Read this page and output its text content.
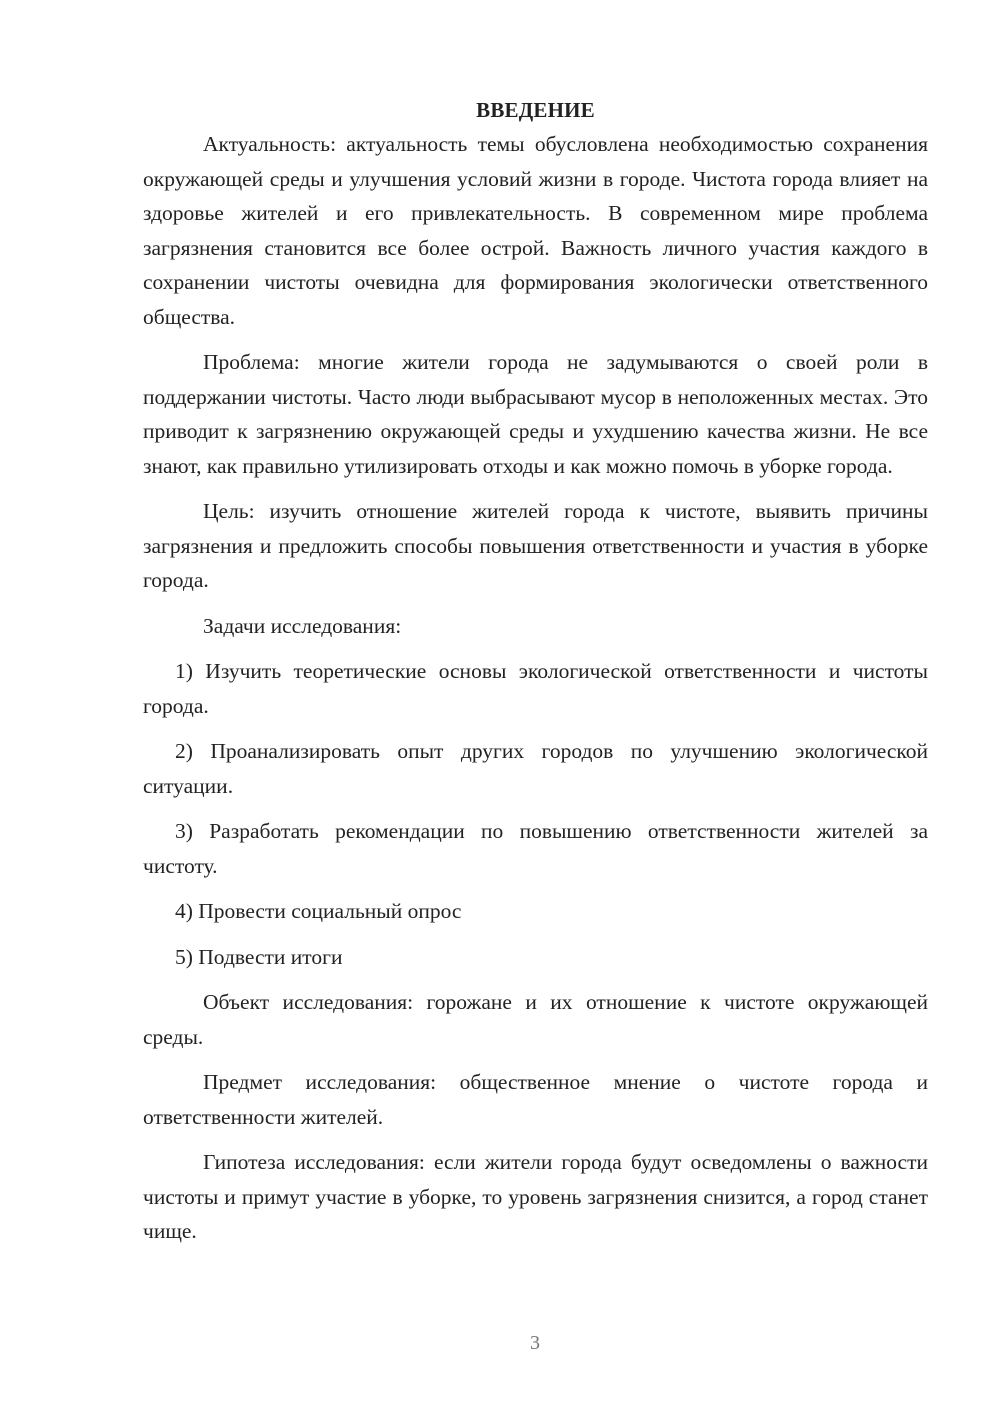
ВВЕДЕНИЕ

Актуальность: актуальность темы обусловлена необходимостью сохранения окружающей среды и улучшения условий жизни в городе. Чистота города влияет на здоровье жителей и его привлекательность. В современном мире проблема загрязнения становится все более острой. Важность личного участия каждого в сохранении чистоты очевидна для формирования экологически ответственного общества.

Проблема: многие жители города не задумываются о своей роли в поддержании чистоты. Часто люди выбрасывают мусор в неположенных местах. Это приводит к загрязнению окружающей среды и ухудшению качества жизни. Не все знают, как правильно утилизировать отходы и как можно помочь в уборке города.

Цель: изучить отношение жителей города к чистоте, выявить причины загрязнения и предложить способы повышения ответственности и участия в уборке города.

Задачи исследования:

1) Изучить теоретические основы экологической ответственности и чистоты города.

2) Проанализировать опыт других городов по улучшению экологической ситуации.

3) Разработать рекомендации по повышению ответственности жителей за чистоту.

4) Провести социальный опрос

5) Подвести итоги

Объект исследования: горожане и их отношение к чистоте окружающей среды.

Предмет исследования: общественное мнение о чистоте города и ответственности жителей.

Гипотеза исследования: если жители города будут осведомлены о важности чистоты и примут участие в уборке, то уровень загрязнения снизится, а город станет чище.

3
